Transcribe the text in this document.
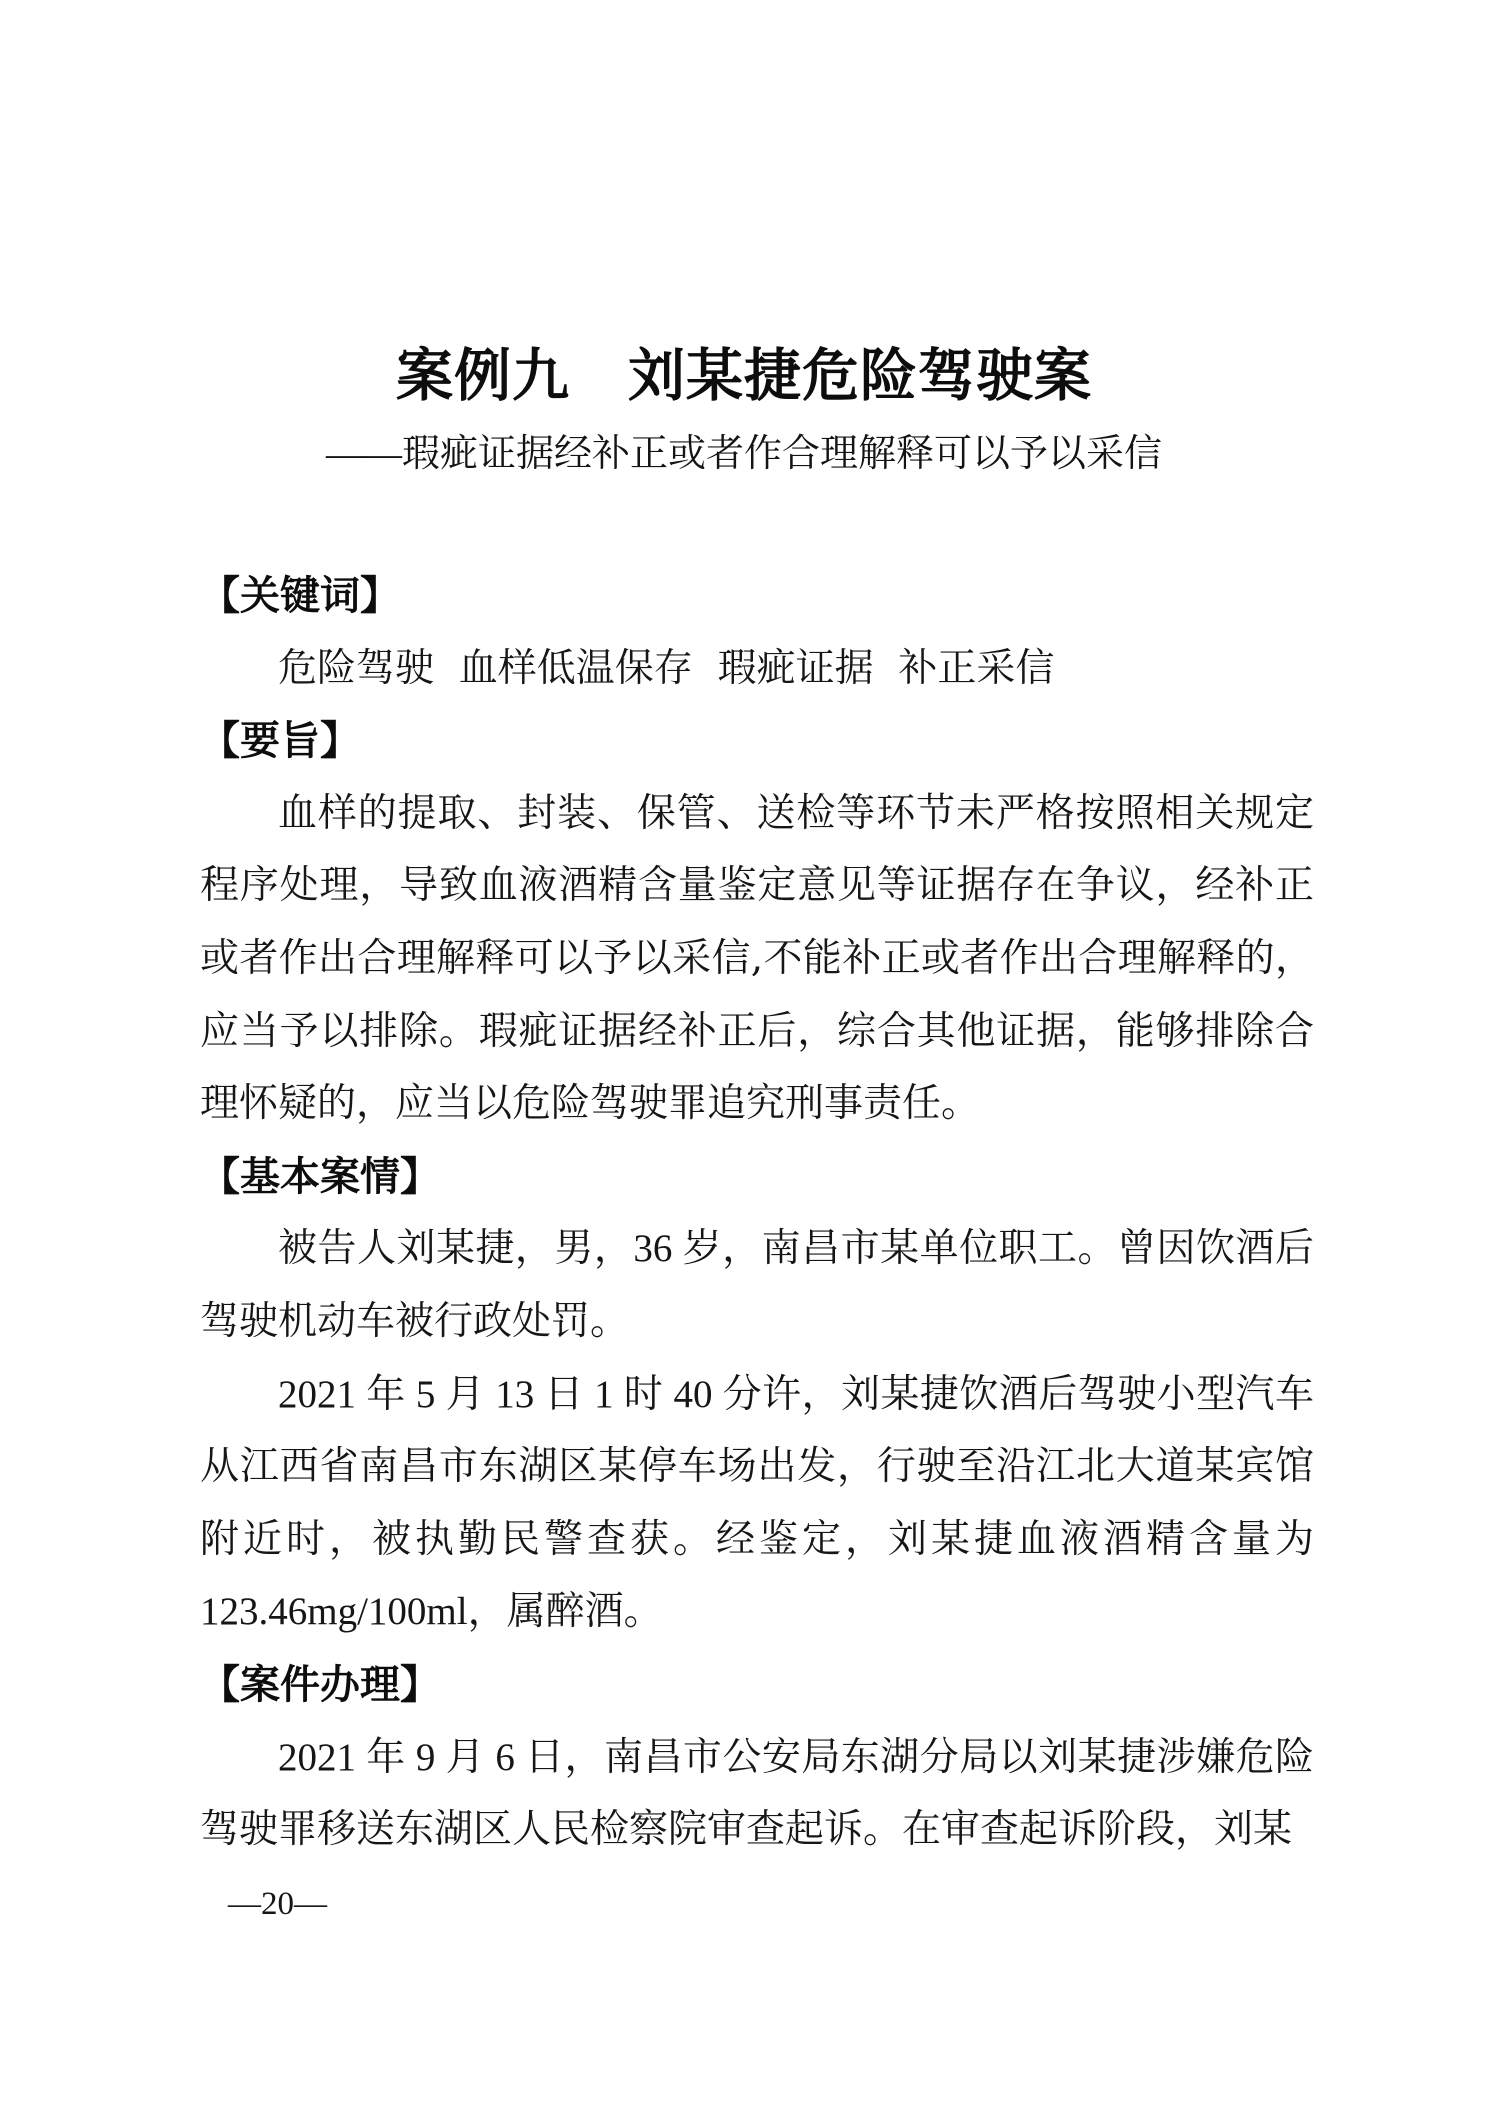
案例九　刘某捷危险驾驶案
——瑕疵证据经补正或者作合理解释可以予以采信
【关键词】

危险驾驶  血样低温保存  瑕疵证据  补正采信

【要旨】

血样的提取、封装、保管、送检等环节未严格按照相关规定程序处理，导致血液酒精含量鉴定意见等证据存在争议，经补正或者作出合理解释可以予以采信,不能补正或者作出合理解释的，应当予以排除。瑕疵证据经补正后，综合其他证据，能够排除合理怀疑的，应当以危险驾驶罪追究刑事责任。

【基本案情】

被告人刘某捷，男，36 岁，南昌市某单位职工。曾因饮酒后驾驶机动车被行政处罚。

2021 年 5 月 13 日 1 时 40 分许，刘某捷饮酒后驾驶小型汽车从江西省南昌市东湖区某停车场出发，行驶至沿江北大道某宾馆附近时，被执勤民警查获。经鉴定，刘某捷血液酒精含量为123.46mg/100ml，属醉酒。

【案件办理】

2021 年 9 月 6 日，南昌市公安局东湖分局以刘某捷涉嫌危险驾驶罪移送东湖区人民检察院审查起诉。在审查起诉阶段，刘某

—20—
